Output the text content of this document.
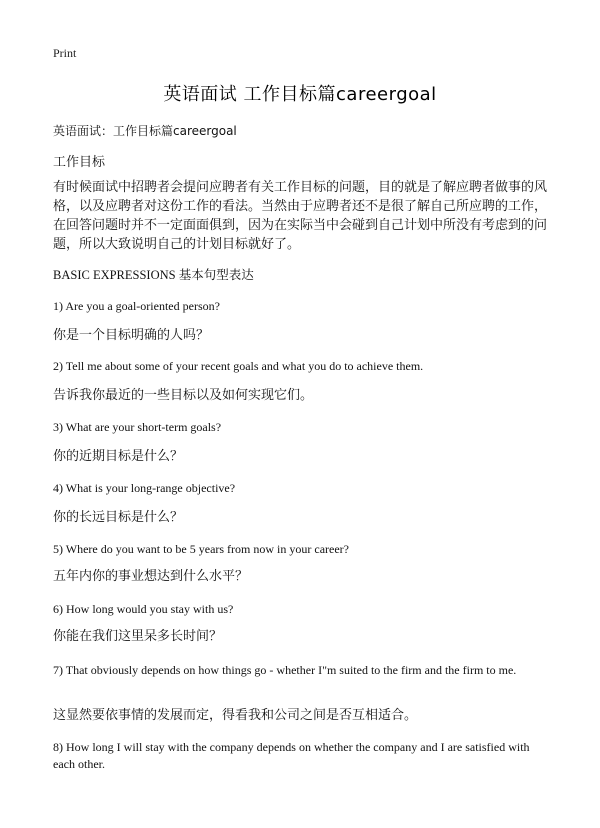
Print
英语面试 工作目标篇careergoal
英语面试：工作目标篇careergoal
工作目标
有时候面试中招聘者会提问应聘者有关工作目标的问题，目的就是了解应聘者做事的风格，以及应聘者对这份工作的看法。当然由于应聘者还不是很了解自己所应聘的工作，在回答问题时并不一定面面俱到，因为在实际当中会碰到自己计划中所没有考虑到的问题，所以大致说明自己的计划目标就好了。
BASIC EXPRESSIONS 基本句型表达
1) Are you a goal-oriented person?
你是一个目标明确的人吗？
2) Tell me about some of your recent goals and what you do to achieve them.
告诉我你最近的一些目标以及如何实现它们。
3) What are your short-term goals?
你的近期目标是什么？
4) What is your long-range objective?
你的长远目标是什么？
5) Where do you want to be 5 years from now in your career?
五年内你的事业想达到什么水平？
6) How long would you stay with us?
你能在我们这里呆多长时间？
7) That obviously depends on how things go - whether I"m suited to the firm and the firm to me.
这显然要依事情的发展而定，得看我和公司之间是否互相适合。
8) How long I will stay with the company depends on whether the company and I are satisfied with each other.
